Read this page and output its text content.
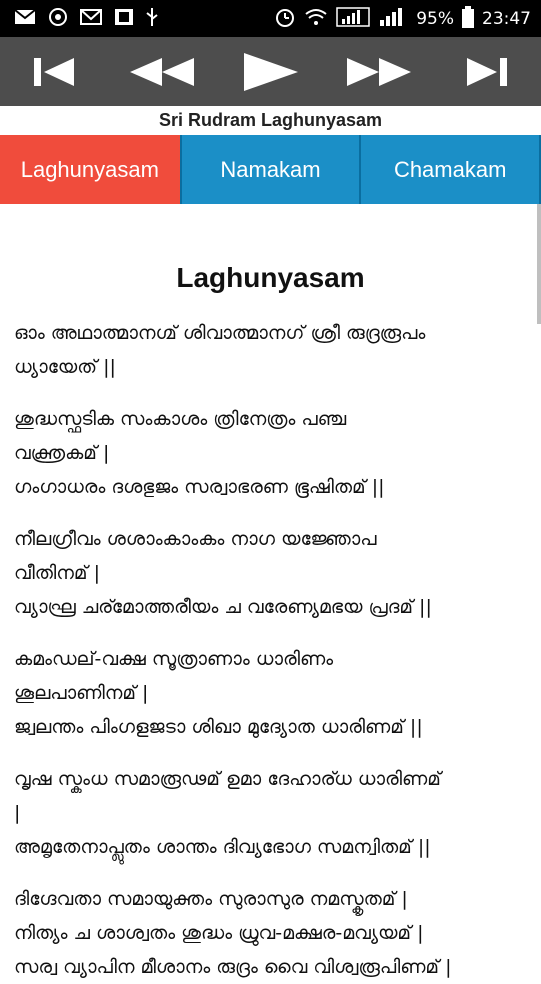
95% 23:47
Sri Rudram Laghunyasam
Laghunyasam	Namakam	Chamakam
Laghunyasam
ഓം അഥാത്മാനഗ്മ് ശിവാത്മാനഗ് ശ്രീ രുദ്രരൂപം
ധ്യായേത് ||
ശുദ്ധസ്ഫടിക സംകാശം ത്രിനേത്രം പഞ്ച
വക്ത്രകമ് |
ഗംഗാധരം ദശഭുജം സര്വാഭരണ ഭൂഷിതമ് ||
നീലഗ്രീവം ശശാംകാംകം നാഗ യജ്ഞോപ
വീതിനമ് |
വ്യാഘ്ര ചര്മോത്തരീയം ച വരേണ്യമഭയ പ്രദമ് ||
കമംഡല്-വക്ഷ സൂത്രാണാം ധാരിണം
ശൂലപാണിനമ് |
ജ്വലന്തം പിംഗളജടാ ശിഖാ മുദ്യോത ധാരിണമ് ||
വൃഷ സ്കംധ സമാരൂഢമ് ഉമാ ദേഹാര്ധ ധാരിണമ്
|
അമൃതേനാപ്ലുതം ശാന്തം ദിവ്യഭോഗ സമന്വിതമ് ||
ദിഗ്ദേവതാ സമായുക്തം സുരാസുര നമസ്കൃതമ് |
നിത്യം ച ശാശ്വതം ശുദ്ധം ധ്രുവ-മക്ഷര-മവ്യയമ് |
സര്വ വ്യാപിന മീശാനം രുദ്രം വൈ വിശ്വരൂപിണമ് |
